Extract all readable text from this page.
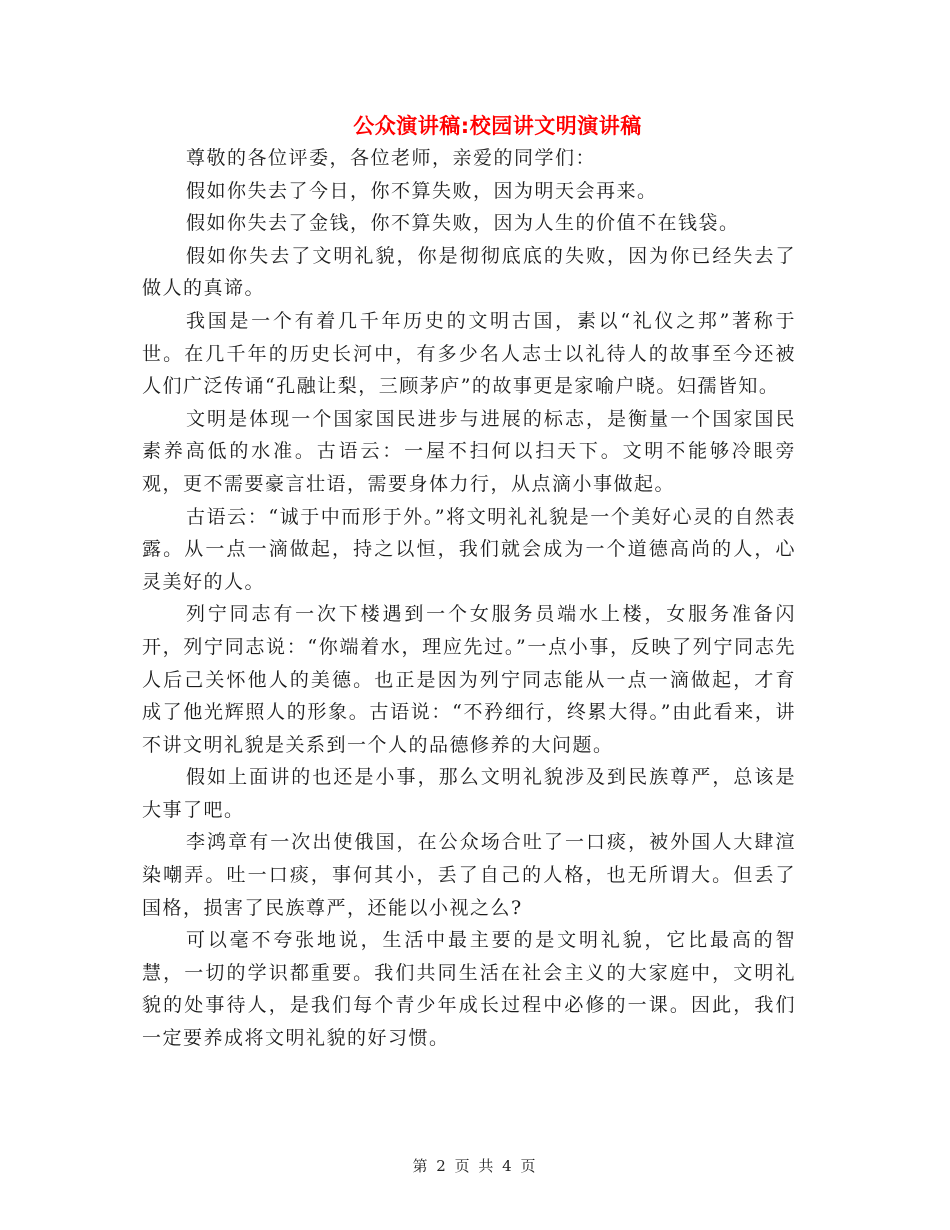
公众演讲稿:校园讲文明演讲稿

尊敬的各位评委，各位老师，亲爱的同学们：

假如你失去了今日，你不算失败，因为明天会再来。

假如你失去了金钱，你不算失败，因为人生的价值不在钱袋。

假如你失去了文明礼貌，你是彻彻底底的失败，因为你已经失去了做人的真谛。

我国是一个有着几千年历史的文明古国，素以“礼仪之邦”著称于世。在几千年的历史长河中，有多少名人志士以礼待人的故事至今还被人们广泛传诵“孔融让梨，三顾茅庐”的故事更是家喻户晓。妇孺皆知。

文明是体现一个国家国民进步与进展的标志，是衡量一个国家国民素养高低的水准。古语云：一屋不扫何以扫天下。文明不能够冷眼旁观，更不需要豪言壮语，需要身体力行，从点滴小事做起。

古语云：“诚于中而形于外。”将文明礼礼貌是一个美好心灵的自然表露。从一点一滴做起，持之以恒，我们就会成为一个道德高尚的人，心灵美好的人。

列宁同志有一次下楼遇到一个女服务员端水上楼，女服务准备闪开，列宁同志说：“你端着水，理应先过。”一点小事，反映了列宁同志先人后己关怀他人的美德。也正是因为列宁同志能从一点一滴做起，才育成了他光辉照人的形象。古语说：“不矜细行，终累大得。”由此看来，讲不讲文明礼貌是关系到一个人的品德修养的大问题。

假如上面讲的也还是小事，那么文明礼貌涉及到民族尊严，总该是大事了吧。

李鸿章有一次出使俄国，在公众场合吐了一口痰，被外国人大肆渲染嘲弄。吐一口痰，事何其小，丢了自己的人格，也无所谓大。但丢了国格，损害了民族尊严，还能以小视之么?

可以毫不夸张地说，生活中最主要的是文明礼貌，它比最高的智慧，一切的学识都重要。我们共同生活在社会主义的大家庭中，文明礼貌的处事待人，是我们每个青少年成长过程中必修的一课。因此，我们一定要养成将文明礼貌的好习惯。

第 2 页 共 4 页
